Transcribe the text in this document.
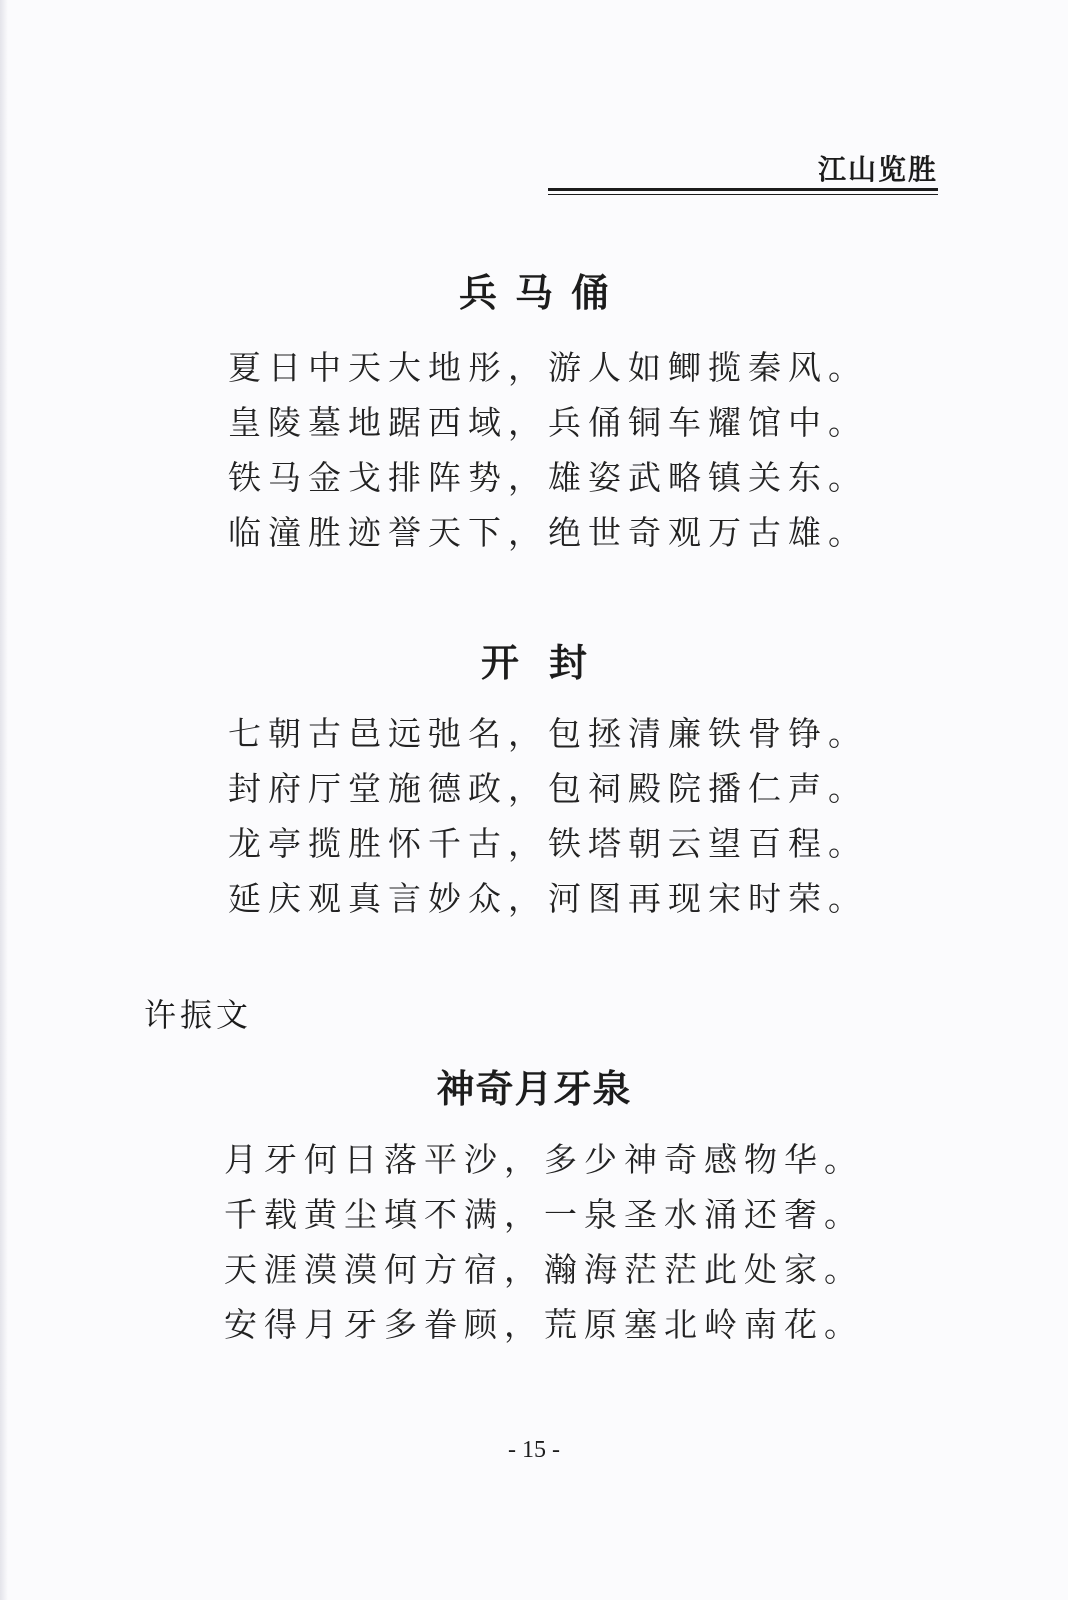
江山览胜
兵马俑
夏日中天大地彤，游人如鲫揽秦风。
皇陵墓地踞西域，兵俑铜车耀馆中。
铁马金戈排阵势，雄姿武略镇关东。
临潼胜迹誉天下，绝世奇观万古雄。
开封
七朝古邑远弛名，包拯清廉铁骨铮。
封府厅堂施德政，包祠殿院播仁声。
龙亭揽胜怀千古，铁塔朝云望百程。
延庆观真言妙众，河图再现宋时荣。
许振文
神奇月牙泉
月牙何日落平沙，多少神奇感物华。
千载黄尘填不满，一泉圣水涌还奢。
天涯漠漠何方宿，瀚海茫茫此处家。
安得月牙多眷顾，荒原塞北岭南花。
- 15 -
